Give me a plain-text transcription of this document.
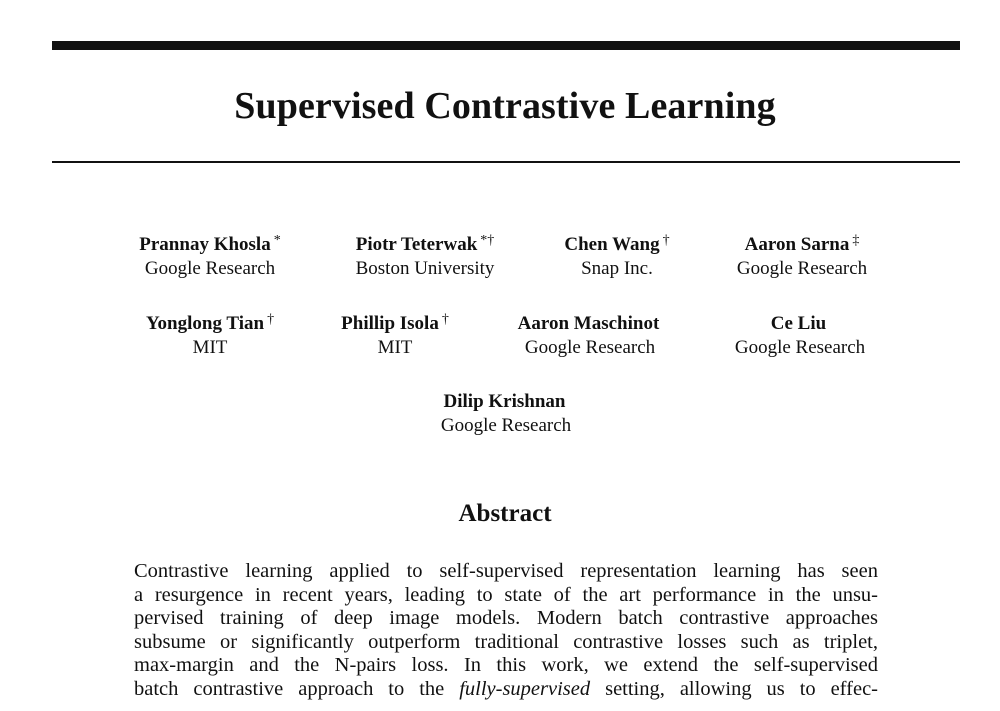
Supervised Contrastive Learning
Prannay Khosla *
Google Research
Piotr Teterwak *†
Boston University
Chen Wang †
Snap Inc.
Aaron Sarna ‡
Google Research
Yonglong Tian †
MIT
Phillip Isola †
MIT
Aaron Maschinot
Google Research
Ce Liu
Google Research
Dilip Krishnan
Google Research
Abstract
Contrastive learning applied to self-supervised representation learning has seen
a resurgence in recent years, leading to state of the art performance in the unsu-
pervised training of deep image models. Modern batch contrastive approaches
subsume or significantly outperform traditional contrastive losses such as triplet,
max-margin and the N-pairs loss. In this work, we extend the self-supervised
batch contrastive approach to the fully-supervised setting, allowing us to effec-
